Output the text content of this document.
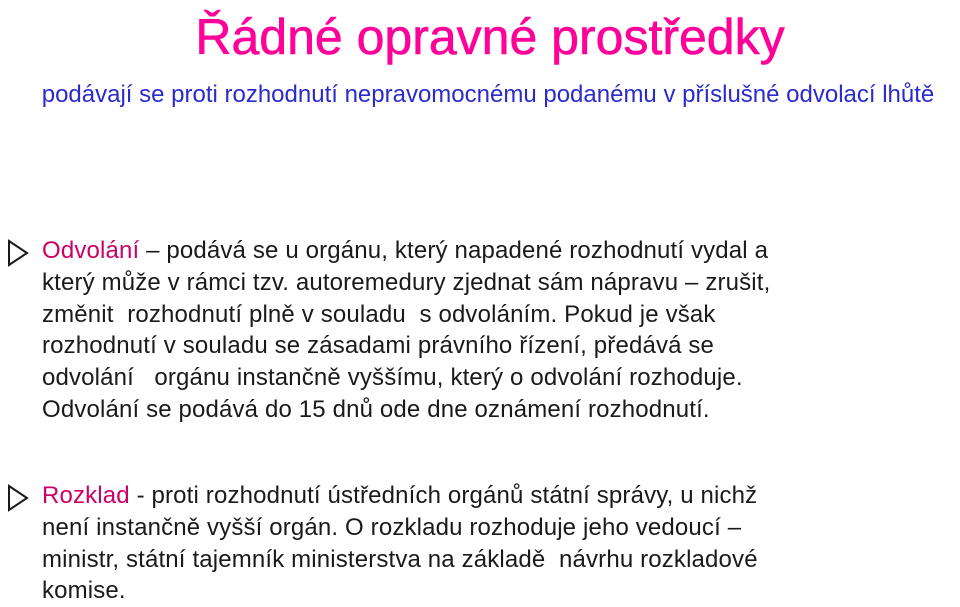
Řádné opravné prostředky

podávají se proti rozhodnutí nepravomocnému podanému v příslušné odvolací lhůtě

Odvolání – podává se u orgánu, který napadené rozhodnutí vydal a
který může v rámci tzv. autoremedury zjednat sám nápravu – zrušit,
změnit  rozhodnutí plně v souladu  s odvoláním. Pokud je však
rozhodnutí v souladu se zásadami právního řízení, předává se
odvolání   orgánu instančně vyššímu, který o odvolání rozhoduje.
Odvolání se podává do 15 dnů ode dne oznámení rozhodnutí.

Rozklad - proti rozhodnutí ústředních orgánů státní správy, u nichž
není instančně vyšší orgán. O rozkladu rozhoduje jeho vedoucí –
ministr, státní tajemník ministerstva na základě  návrhu rozkladové
komise.
